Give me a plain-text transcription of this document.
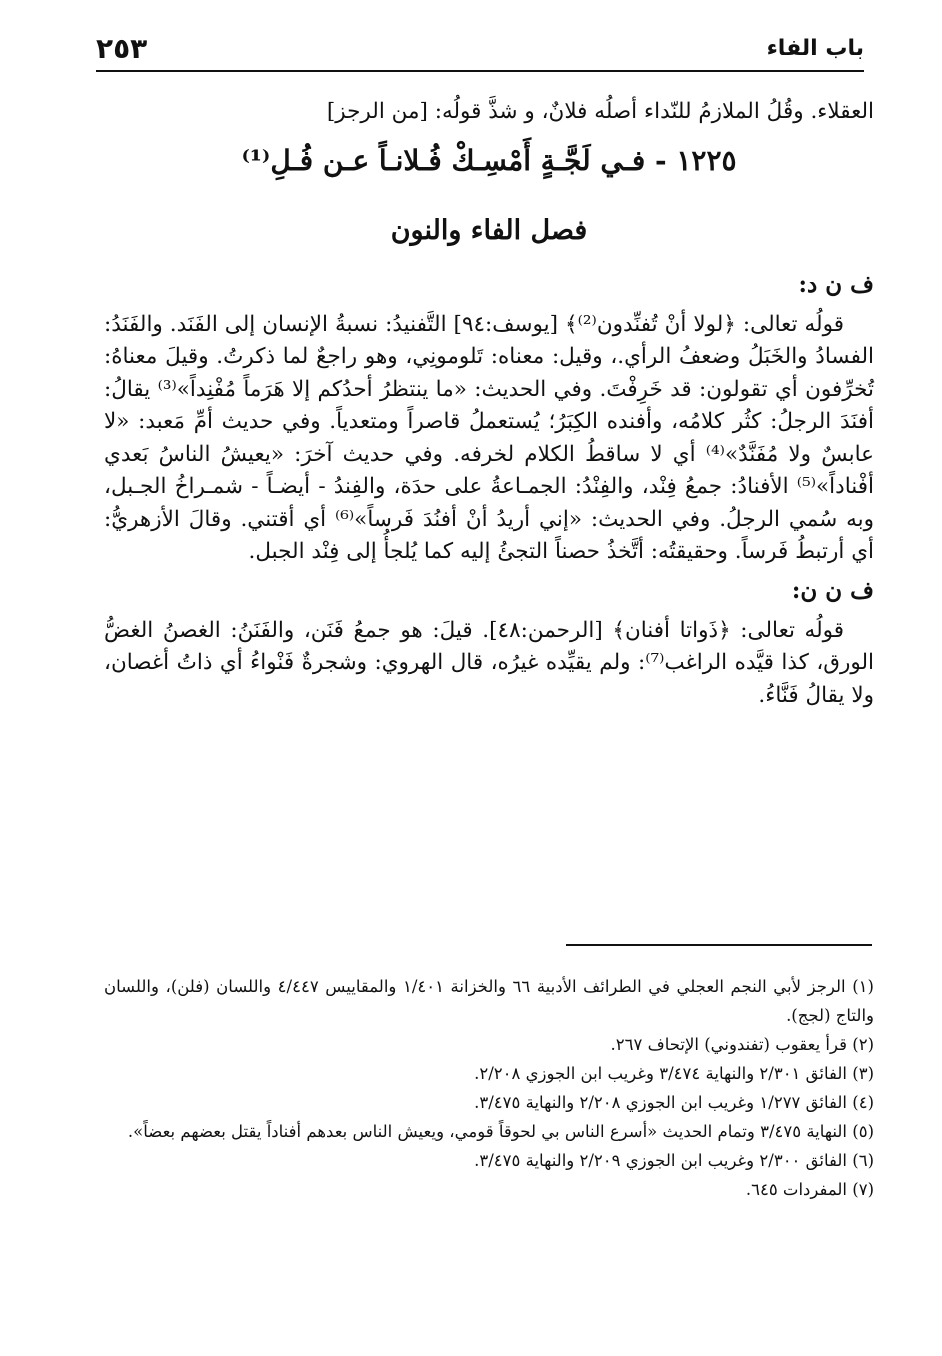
باب الفاء
٢٥٣

العقلاء. وقُلُ الملازمُ للنّداء أصلُه فلانٌ، و شذَّ قولُه: [من الرجز]

١٢٢٥ - فـي لَجَّـةٍ أَمْسِـكْ فُـلانـاً عـن فُـلِ⁽¹⁾

فصل الفاء والنون

ف ن د:

قولُه تعالى: ﴿لولا أنْ تُفنِّدون⁽²⁾﴾ [يوسف:٩٤] التَّفنيدُ: نسبةُ الإنسان إلى الفَنَد. والفَنَدُ: الفسادُ والخَبَلُ وضعفُ الرأي.، وقيل: معناه: تَلومونِي، وهو راجعٌ لما ذكرتُ. وقيلَ معناهُ: تُخرِّفون أي تقولون: قد خَرِفْتَ. وفي الحديث: «ما ينتظرُ أحدُكم إلا هَرَماً مُفْنِداً»⁽³⁾ يقالُ: أفنَدَ الرجلُ: كثُر كلامُه، وأفنده الكِبَرُ؛ يُستعملُ قاصراً ومتعدياً. وفي حديث أمِّ مَعبد: «لا عابسٌ ولا مُفَنَّدٌ»⁽⁴⁾ أي لا ساقطُ الكلام لخرفه. وفي حديث آخرَ: «يعيشُ الناسُ بَعدي أفْناداً»⁽⁵⁾ الأفنادُ: جمعُ فِنْد، والفِنْدُ: الجمـاعةُ على حدَة، والفِندُ - أيضـاً - شمـراخُ الجـبل، وبه سُمي الرجلُ. وفي الحديث: «إني أريدُ أنْ أفنُدَ فَرساً»⁽⁶⁾ أي أقتني. وقالَ الأزهريُّ: أي أرتبطُ فَرساً. وحقيقتُه: أتَّخذُ حصناً التجئُ إليه كما يُلجأُ إلى فِنْد الجبل.

ف ن ن:

قولُه تعالى: ﴿ذَواتا أفنان﴾ [الرحمن:٤٨]. قيلَ: هو جمعُ فَنَن، والفَنَنُ: الغصنُ الغضُّ الورق، كذا قيَّده الراغب⁽⁷⁾: ولم يقيِّده غيرُه، قال الهروي: وشجرةٌ فَنْواءُ أي ذاتُ أغصان، ولا يقالُ فَنَّاءُ.

(١) الرجز لأبي النجم العجلي في الطرائف الأدبية ٦٦ والخزانة ١/٤٠١ والمقاييس ٤/٤٤٧ واللسان (فلن)، واللسان والتاج (لجج).

(٢) قرأ يعقوب (تفندوني) الإتحاف ٢٦٧.

(٣) الفائق ٢/٣٠١ والنهاية ٣/٤٧٤ وغريب ابن الجوزي ٢/٢٠٨.

(٤) الفائق ١/٢٧٧ وغريب ابن الجوزي ٢/٢٠٨ والنهاية ٣/٤٧٥.

(٥) النهاية ٣/٤٧٥ وتمام الحديث «أسرع الناس بي لحوقاً قومي، ويعيش الناس بعدهم أفناداً يقتل بعضهم بعضاً».

(٦) الفائق ٢/٣٠٠ وغريب ابن الجوزي ٢/٢٠٩ والنهاية ٣/٤٧٥.

(٧) المفردات ٦٤٥.
